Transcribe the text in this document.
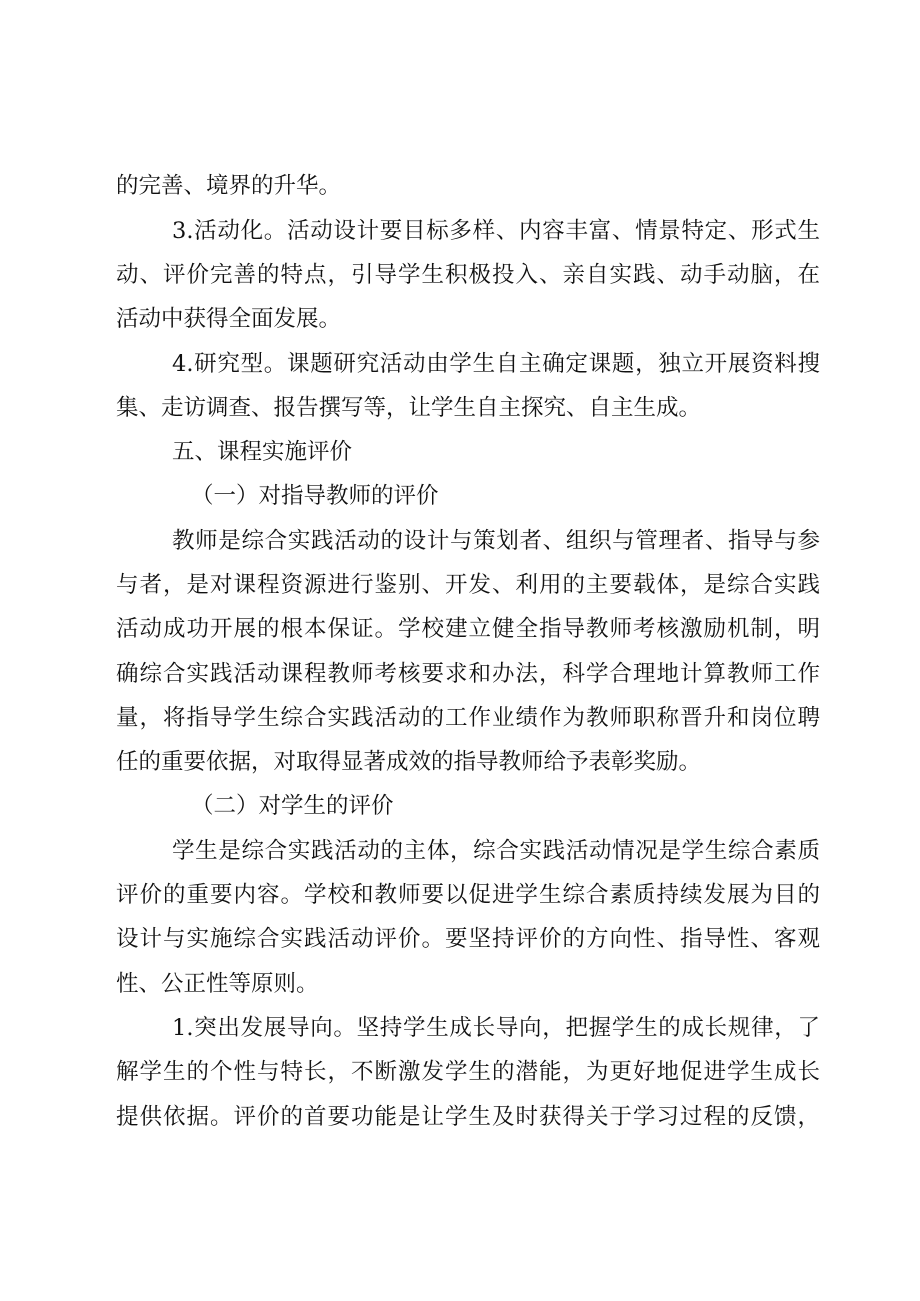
的完善、境界的升华。
3.活动化。活动设计要目标多样、内容丰富、情景特定、形式生
动、评价完善的特点，引导学生积极投入、亲自实践、动手动脑，在
活动中获得全面发展。
4.研究型。课题研究活动由学生自主确定课题，独立开展资料搜
集、走访调查、报告撰写等，让学生自主探究、自主生成。
五、课程实施评价
（一）对指导教师的评价
教师是综合实践活动的设计与策划者、组织与管理者、指导与参
与者，是对课程资源进行鉴别、开发、利用的主要载体，是综合实践
活动成功开展的根本保证。学校建立健全指导教师考核激励机制，明
确综合实践活动课程教师考核要求和办法，科学合理地计算教师工作
量，将指导学生综合实践活动的工作业绩作为教师职称晋升和岗位聘
任的重要依据，对取得显著成效的指导教师给予表彰奖励。
（二）对学生的评价
学生是综合实践活动的主体，综合实践活动情况是学生综合素质
评价的重要内容。学校和教师要以促进学生综合素质持续发展为目的
设计与实施综合实践活动评价。要坚持评价的方向性、指导性、客观
性、公正性等原则。
1.突出发展导向。坚持学生成长导向，把握学生的成长规律，了
解学生的个性与特长，不断激发学生的潜能，为更好地促进学生成长
提供依据。评价的首要功能是让学生及时获得关于学习过程的反馈，
